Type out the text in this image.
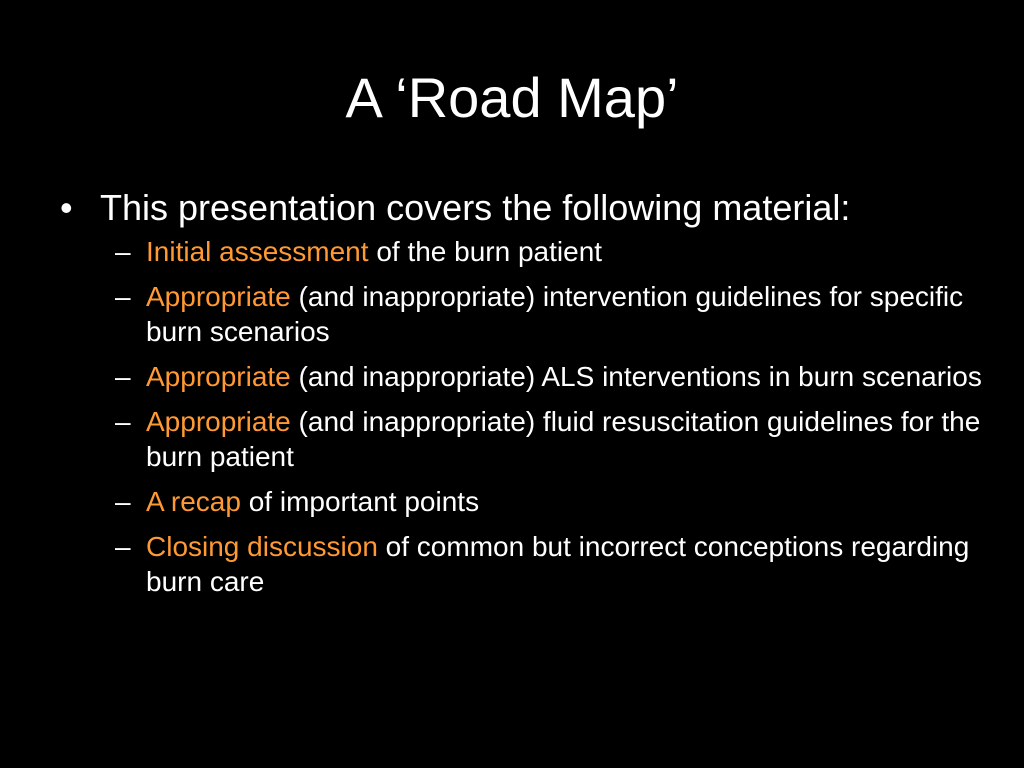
A ‘Road Map’
• This presentation covers the following material:
– Initial assessment of the burn patient
– Appropriate (and inappropriate) intervention guidelines for specific burn scenarios
– Appropriate (and inappropriate) ALS interventions in burn scenarios
– Appropriate (and inappropriate) fluid resuscitation guidelines for the burn patient
– A recap of important points
– Closing discussion of common but incorrect conceptions regarding burn care
